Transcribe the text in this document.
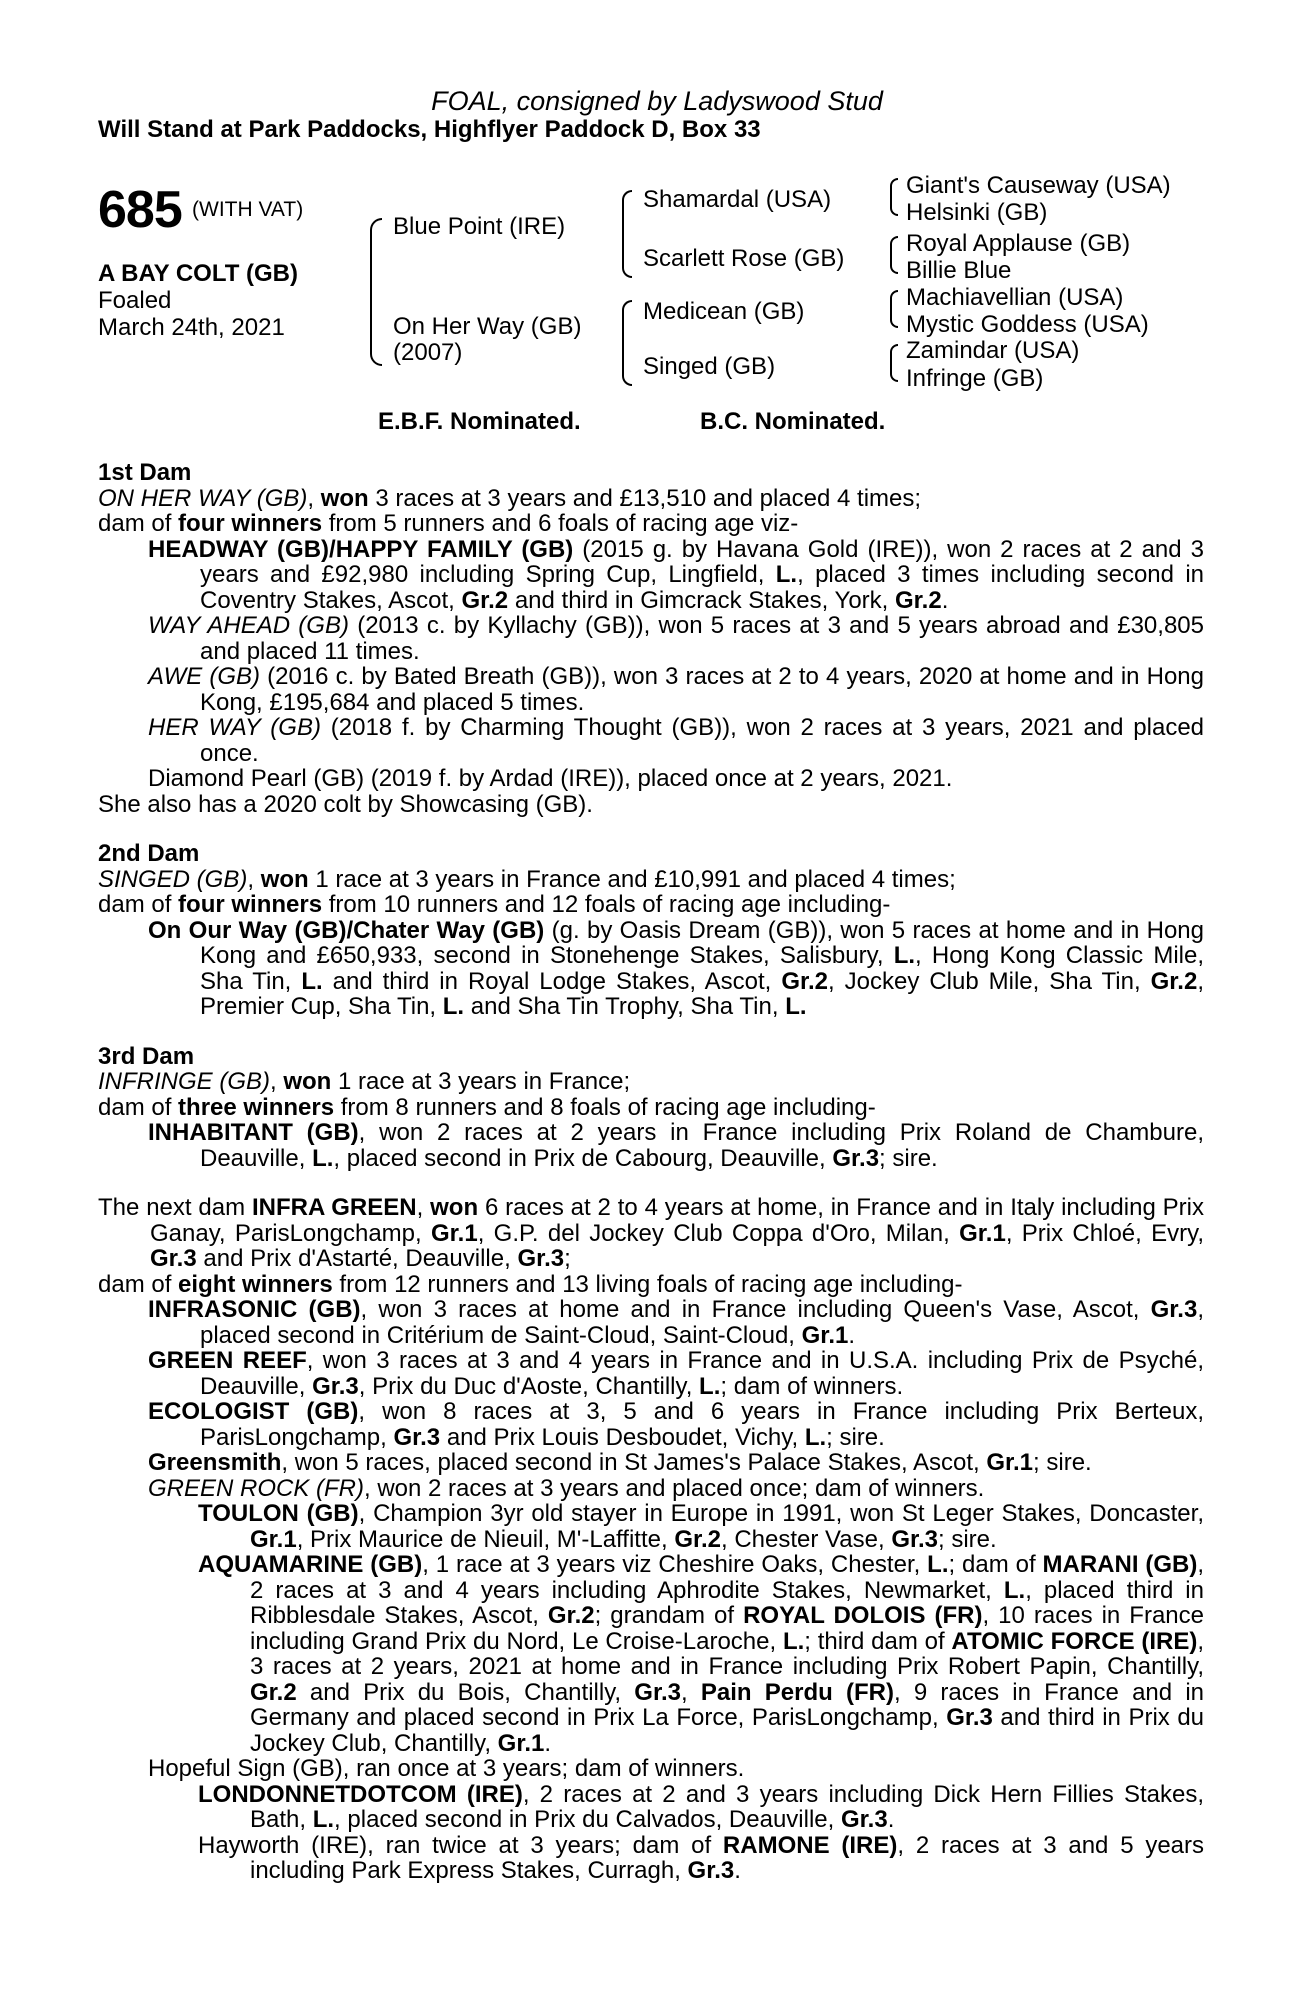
FOAL, consigned by Ladyswood Stud
Will Stand at Park Paddocks, Highflyer Paddock D, Box 33
685 (WITH VAT)
A BAY COLT (GB)
Foaled
March 24th, 2021
Blue Point (IRE)
On Her Way (GB)
(2007)
Shamardal (USA)
Scarlett Rose (GB)
Medicean (GB)
Singed (GB)
Giant's Causeway (USA)
Helsinki (GB)
Royal Applause (GB)
Billie Blue
Machiavellian (USA)
Mystic Goddess (USA)
Zamindar (USA)
Infringe (GB)
E.B.F. Nominated.	B.C. Nominated.

1st Dam

ON HER WAY (GB), won 3 races at 3 years and £13,510 and placed 4 times;

dam of four winners from 5 runners and 6 foals of racing age viz-

HEADWAY (GB)/HAPPY FAMILY (GB) (2015 g. by Havana Gold (IRE)), won 2 races at 2 and 3 years and £92,980 including Spring Cup, Lingfield, L., placed 3 times including second in Coventry Stakes, Ascot, Gr.2 and third in Gimcrack Stakes, York, Gr.2.

WAY AHEAD (GB) (2013 c. by Kyllachy (GB)), won 5 races at 3 and 5 years abroad and £30,805 and placed 11 times.

AWE (GB) (2016 c. by Bated Breath (GB)), won 3 races at 2 to 4 years, 2020 at home and in Hong Kong, £195,684 and placed 5 times.

HER WAY (GB) (2018 f. by Charming Thought (GB)), won 2 races at 3 years, 2021 and placed once.

Diamond Pearl (GB) (2019 f. by Ardad (IRE)), placed once at 2 years, 2021.

She also has a 2020 colt by Showcasing (GB).

2nd Dam

SINGED (GB), won 1 race at 3 years in France and £10,991 and placed 4 times;

dam of four winners from 10 runners and 12 foals of racing age including-

On Our Way (GB)/Chater Way (GB) (g. by Oasis Dream (GB)), won 5 races at home and in Hong Kong and £650,933, second in Stonehenge Stakes, Salisbury, L., Hong Kong Classic Mile, Sha Tin, L. and third in Royal Lodge Stakes, Ascot, Gr.2, Jockey Club Mile, Sha Tin, Gr.2, Premier Cup, Sha Tin, L. and Sha Tin Trophy, Sha Tin, L.

3rd Dam

INFRINGE (GB), won 1 race at 3 years in France;

dam of three winners from 8 runners and 8 foals of racing age including-

INHABITANT (GB), won 2 races at 2 years in France including Prix Roland de Chambure, Deauville, L., placed second in Prix de Cabourg, Deauville, Gr.3; sire.

The next dam INFRA GREEN, won 6 races at 2 to 4 years at home, in France and in Italy including Prix Ganay, ParisLongchamp, Gr.1, G.P. del Jockey Club Coppa d'Oro, Milan, Gr.1, Prix Chloé, Evry, Gr.3 and Prix d'Astarté, Deauville, Gr.3;

dam of eight winners from 12 runners and 13 living foals of racing age including-

INFRASONIC (GB), won 3 races at home and in France including Queen's Vase, Ascot, Gr.3, placed second in Critérium de Saint-Cloud, Saint-Cloud, Gr.1.

GREEN REEF, won 3 races at 3 and 4 years in France and in U.S.A. including Prix de Psyché, Deauville, Gr.3, Prix du Duc d'Aoste, Chantilly, L.; dam of winners.

ECOLOGIST (GB), won 8 races at 3, 5 and 6 years in France including Prix Berteux, ParisLongchamp, Gr.3 and Prix Louis Desboudet, Vichy, L.; sire.

Greensmith, won 5 races, placed second in St James's Palace Stakes, Ascot, Gr.1; sire.

GREEN ROCK (FR), won 2 races at 3 years and placed once; dam of winners.

TOULON (GB), Champion 3yr old stayer in Europe in 1991, won St Leger Stakes, Doncaster, Gr.1, Prix Maurice de Nieuil, M'-Laffitte, Gr.2, Chester Vase, Gr.3; sire.

AQUAMARINE (GB), 1 race at 3 years viz Cheshire Oaks, Chester, L.; dam of MARANI (GB), 2 races at 3 and 4 years including Aphrodite Stakes, Newmarket, L., placed third in Ribblesdale Stakes, Ascot, Gr.2; grandam of ROYAL DOLOIS (FR), 10 races in France including Grand Prix du Nord, Le Croise-Laroche, L.; third dam of ATOMIC FORCE (IRE), 3 races at 2 years, 2021 at home and in France including Prix Robert Papin, Chantilly, Gr.2 and Prix du Bois, Chantilly, Gr.3, Pain Perdu (FR), 9 races in France and in Germany and placed second in Prix La Force, ParisLongchamp, Gr.3 and third in Prix du Jockey Club, Chantilly, Gr.1.

Hopeful Sign (GB), ran once at 3 years; dam of winners.

LONDONNETDOTCOM (IRE), 2 races at 2 and 3 years including Dick Hern Fillies Stakes, Bath, L., placed second in Prix du Calvados, Deauville, Gr.3.

Hayworth (IRE), ran twice at 3 years; dam of RAMONE (IRE), 2 races at 3 and 5 years including Park Express Stakes, Curragh, Gr.3.
